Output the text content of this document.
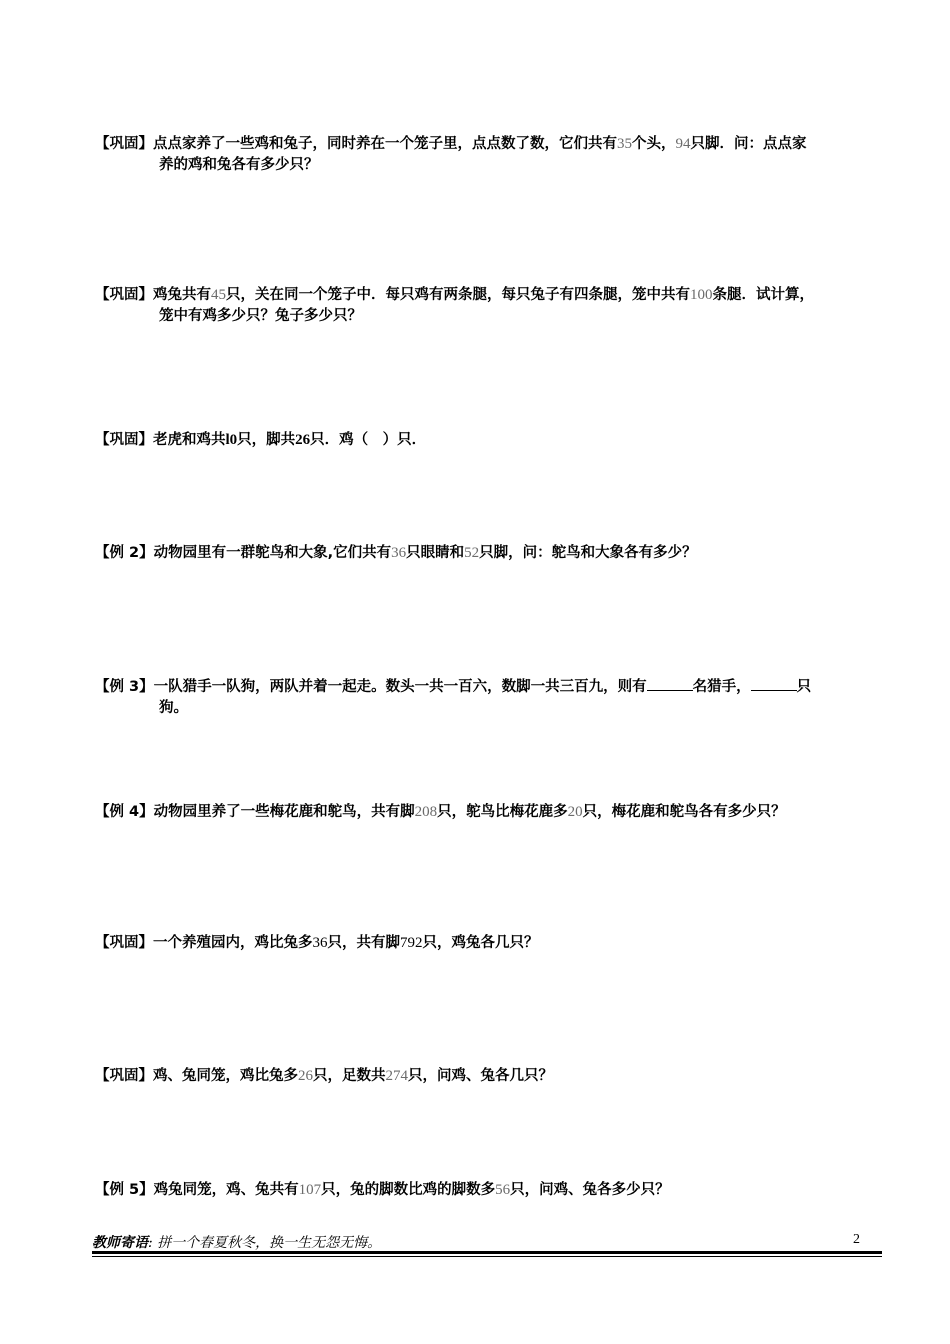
【巩固】点点家养了一些鸡和兔子，同时养在一个笼子里，点点数了数，它们共有35个头，94只脚．问：点点家
养的鸡和兔各有多少只？
【巩固】鸡兔共有45只，关在同一个笼子中．每只鸡有两条腿，每只兔子有四条腿，笼中共有100条腿．试计算，
笼中有鸡多少只？兔子多少只？
【巩固】老虎和鸡共l0只，脚共26只．鸡（　）只．
【例 2】动物园里有一群鸵鸟和大象,它们共有36只眼睛和52只脚，问：鸵鸟和大象各有多少？
【例 3】一队猎手一队狗，两队并着一起走。数头一共一百六，数脚一共三百九，则有	名猎手，	只
狗。
【例 4】动物园里养了一些梅花鹿和鸵鸟，共有脚208只，鸵鸟比梅花鹿多20只，梅花鹿和鸵鸟各有多少只？
【巩固】一个养殖园内，鸡比兔多36只，共有脚792只，鸡兔各几只？
【巩固】鸡、兔同笼，鸡比兔多26只，足数共274只，问鸡、兔各几只？
【例 5】鸡兔同笼，鸡、兔共有107只，兔的脚数比鸡的脚数多56只，问鸡、兔各多少只？
教师寄语: 拼一个春夏秋冬，换一生无怨无悔。	2
